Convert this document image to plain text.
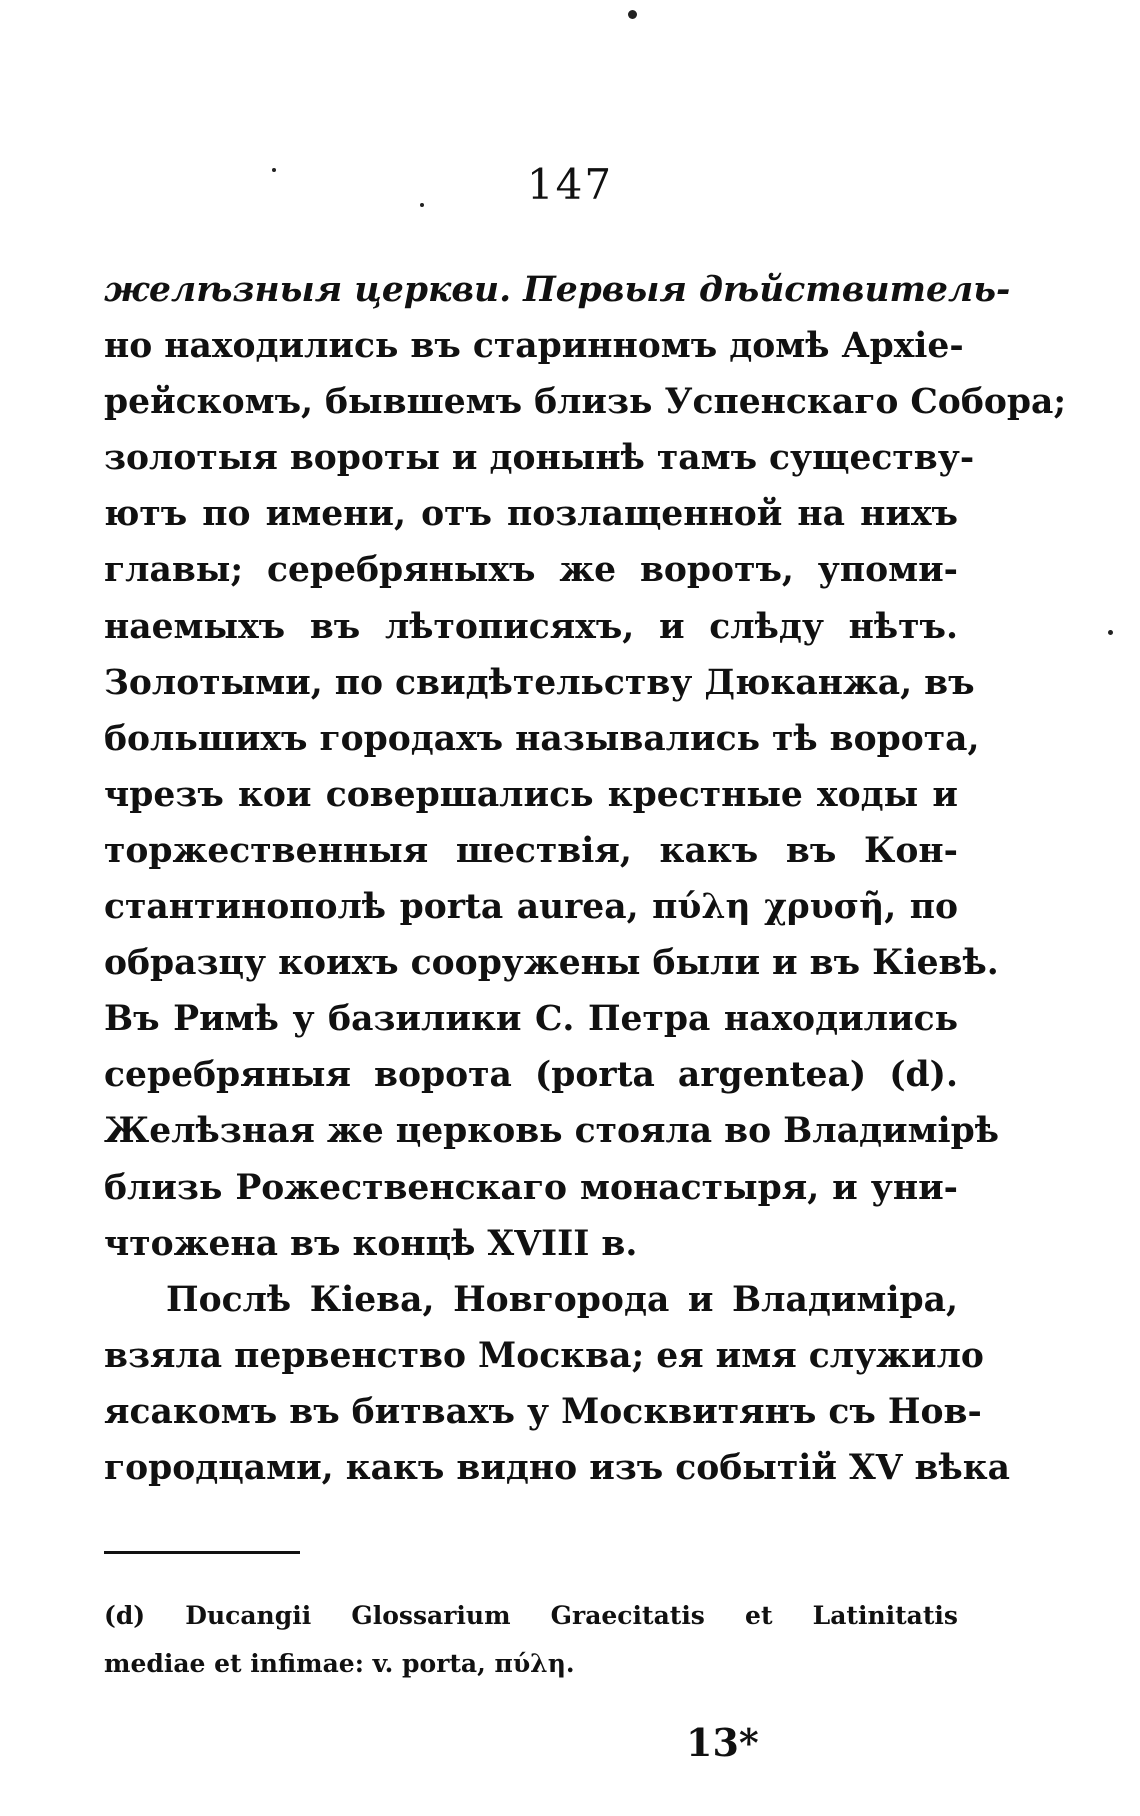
147
желѣзныя церкви. Первыя дѣйствитель-
но находились въ старинномъ домѣ Архіе-
рейскомъ, бывшемъ близь Успенскаго Собора;
золотыя вороты и донынѣ тамъ существу-
ютъ по имени, отъ позлащенной на нихъ
главы; серебряныхъ же воротъ, упоми-
наемыхъ въ лѣтописяхъ, и слѣду нѣтъ.
Золотыми, по свидѣтельству Дюканжа, въ
большихъ городахъ назывались тѣ ворота,
чрезъ кои совершались крестные ходы и
торжественныя шествія, какъ въ Кон-
стантинополѣ porta aurea, πύλη χρυσῆ, по
образцу коихъ сооружены были и въ Кіевѣ.
Въ Римѣ у базилики С. Петра находились
серебряныя ворота (porta argentea) (d).
Желѣзная же церковь стояла во Владимірѣ
близь Рожественскаго монастыря, и уни-
чтожена въ концѣ XVIII в.
Послѣ Кіева, Новгорода и Владиміра,
взяла первенство Москва; ея имя служило
ясакомъ въ битвахъ у Москвитянъ съ Нов-
городцами, какъ видно изъ событій XV вѣка
(d) Ducangii Glossarium Graecitatis et Latinitatis
mediae et infimae: v. porta, πύλη.
13*
